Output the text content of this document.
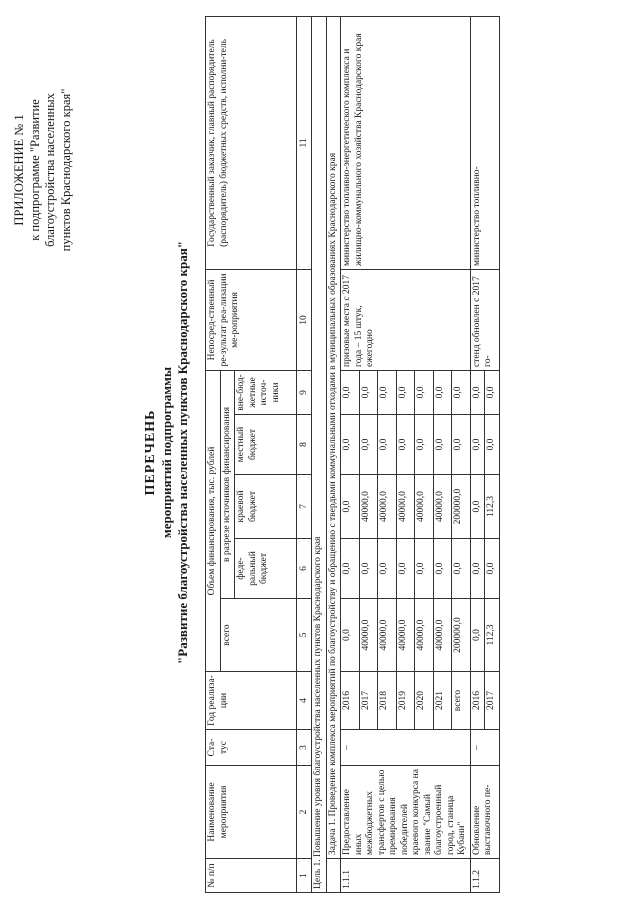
ПРИЛОЖЕНИЕ № 1 к подпрограмме "Развитие благоустройства населенных пунктов Краснодарского края"
ПЕРЕЧЕНЬ мероприятий подпрограммы "Развитие благоустройства населенных пунктов Краснодарского края"
№ п/п	Наименование мероприятия	Ста-тус	Год реализа-ции	Объем финансирования, тыс. рублей					Непосред-ственный ре-зультат реа-лизации ме-роприятия	Государственный заказчик, главный распорядитель (распорядитель) бюджетных средств, исполни-тель
				всего	в разрезе источников финансирования					
					феде-ральный бюджет	краевой бюджет	местный бюджет	вне-бюд-жетные источ-ники		
1	2	3	4	5	6	7	8	9	10	11
Цель 1. Повышение уровня благоустройства населенных пунктов Краснодарского края										
	Задача 1. Проведение комплекса мероприятий по благоустройству и обращению с твердыми коммунальными отходами в муниципальных образованиях Краснодарского края									
1.1.1	Предоставление иных межбюджетных трансфертов с целью премирования победителей краевого конкурса на звание "Самый благоустроенный город, станица Кубани"	–	2016	0,0	0,0	0,0	0,0	0,0	призовые места с 2017 года – 15 штук, ежегодно	министерство топливно-энергетического комплекса и жилищно-коммунального хозяйства Краснодарского края
			2017	40000,0	0,0	40000,0	0,0	0,0		
			2018	40000,0	0,0	40000,0	0,0	0,0		
			2019	40000,0	0,0	40000,0	0,0	0,0		
			2020	40000,0	0,0	40000,0	0,0	0,0		
			2021	40000,0	0,0	40000,0	0,0	0,0		
			всего	200000,0	0,0	200000,0	0,0	0,0		
1.1.2	Обновление выставочного пе-	–	2016	0,0	0,0	0,0	0,0	0,0	стенд обновлен с 2017 го-	министерство топливно-
			2017	112,3	0,0	112,3	0,0	0,0		
